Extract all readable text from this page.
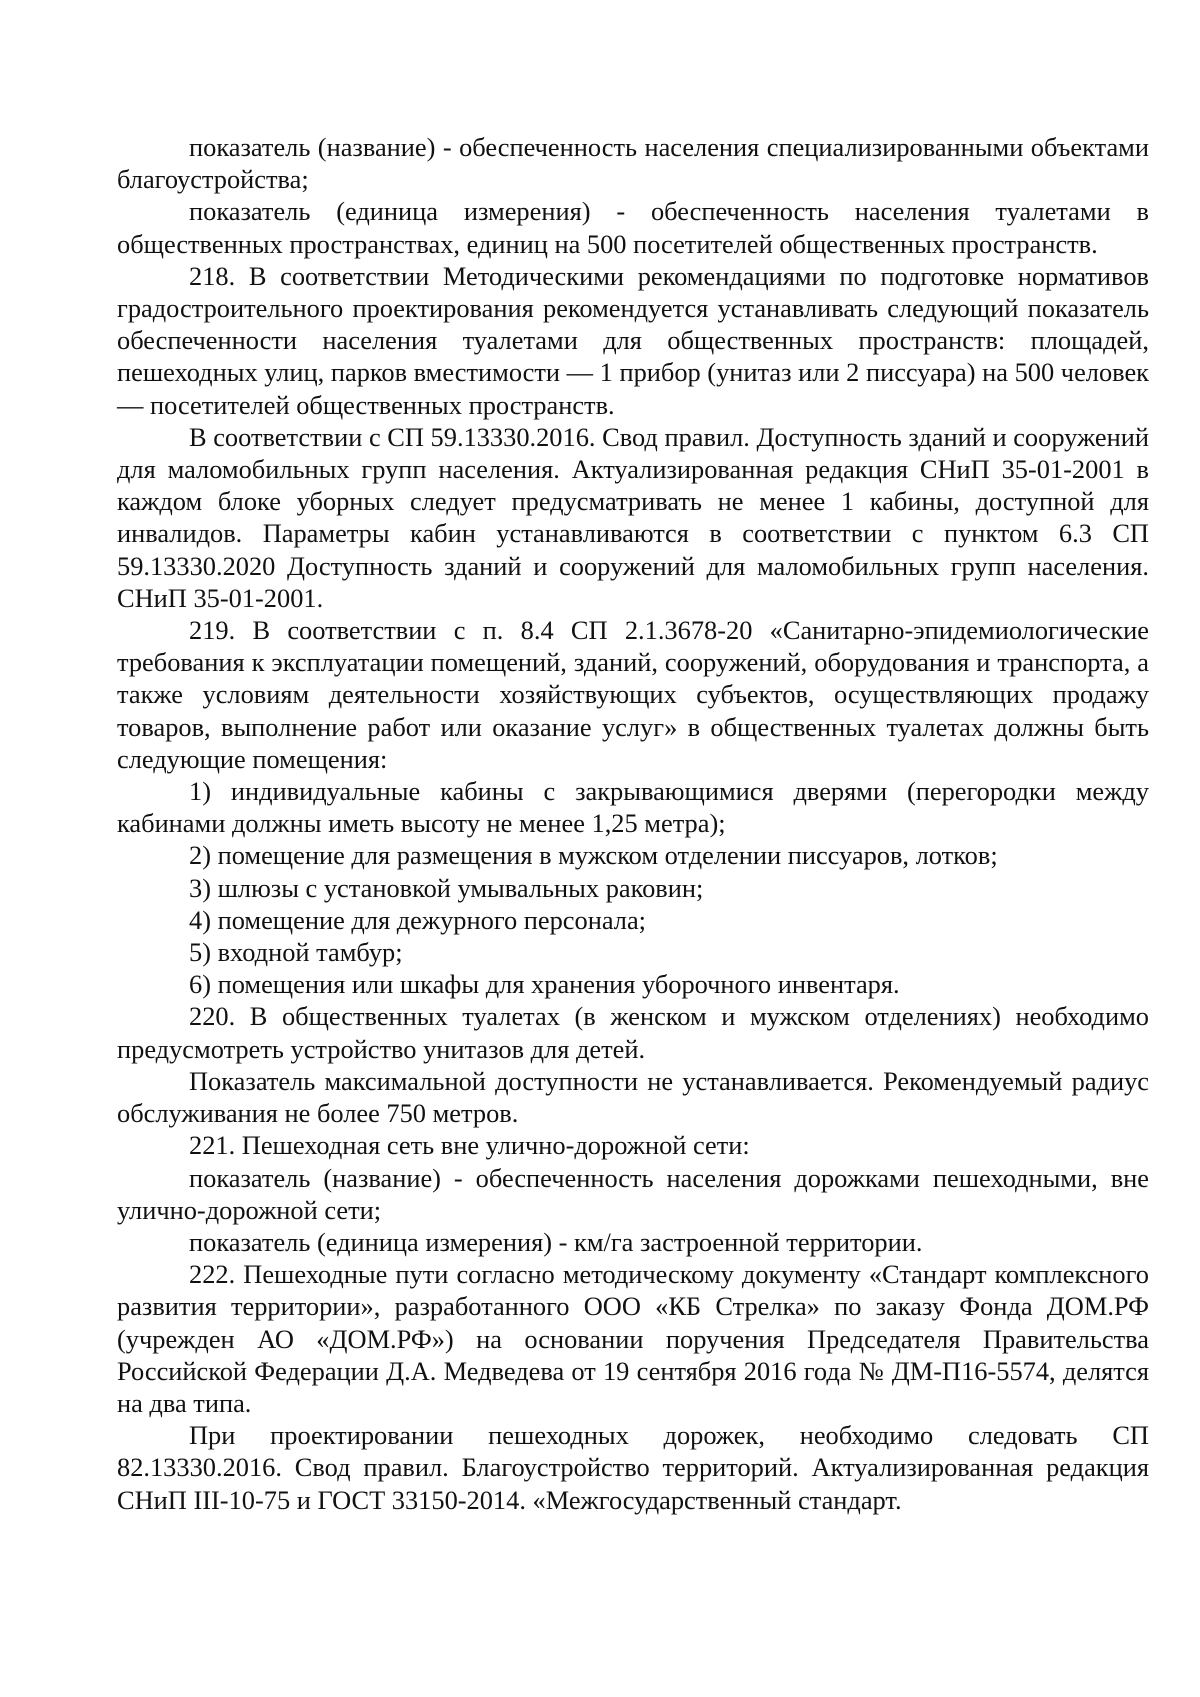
показатель (название) - обеспеченность населения специализированными объектами благоустройства;

показатель (единица измерения) - обеспеченность населения туалетами в общественных пространствах, единиц на 500 посетителей общественных пространств.

218. В соответствии Методическими рекомендациями по подготовке нормативов градостроительного проектирования рекомендуется устанавливать следующий показатель обеспеченности населения туалетами для общественных пространств: площадей, пешеходных улиц, парков вместимости — 1 прибор (унитаз или 2 писсуара) на 500 человек — посетителей общественных пространств.

В соответствии с СП 59.13330.2016. Свод правил. Доступность зданий и сооружений для маломобильных групп населения. Актуализированная редакция СНиП 35-01-2001 в каждом блоке уборных следует предусматривать не менее 1 кабины, доступной для инвалидов. Параметры кабин устанавливаются в соответствии с пунктом 6.3 СП 59.13330.2020 Доступность зданий и сооружений для маломобильных групп населения. СНиП 35-01-2001.

219. В соответствии с п. 8.4 СП 2.1.3678-20 «Санитарно-эпидемиологические требования к эксплуатации помещений, зданий, сооружений, оборудования и транспорта, а также условиям деятельности хозяйствующих субъектов, осуществляющих продажу товаров, выполнение работ или оказание услуг» в общественных туалетах должны быть следующие помещения:

1) индивидуальные кабины с закрывающимися дверями (перегородки между кабинами должны иметь высоту не менее 1,25 метра);

2) помещение для размещения в мужском отделении писсуаров, лотков;

3) шлюзы с установкой умывальных раковин;

4) помещение для дежурного персонала;

5) входной тамбур;

6) помещения или шкафы для хранения уборочного инвентаря.

220. В общественных туалетах (в женском и мужском отделениях) необходимо предусмотреть устройство унитазов для детей.

Показатель максимальной доступности не устанавливается. Рекомендуемый радиус обслуживания не более 750 метров.

221. Пешеходная сеть вне улично-дорожной сети:

показатель (название) - обеспеченность населения дорожками пешеходными, вне улично-дорожной сети;

показатель (единица измерения) - км/га застроенной территории.

222. Пешеходные пути согласно методическому документу «Стандарт комплексного развития территории», разработанного ООО «КБ Стрелка» по заказу Фонда ДОМ.РФ (учрежден АО «ДОМ.РФ») на основании поручения Председателя Правительства Российской Федерации Д.А. Медведева от 19 сентября 2016 года № ДМ-П16-5574, делятся на два типа.

При проектировании пешеходных дорожек, необходимо следовать СП 82.13330.2016. Свод правил. Благоустройство территорий. Актуализированная редакция СНиП III-10-75 и ГОСТ 33150-2014. «Межгосударственный стандарт.
